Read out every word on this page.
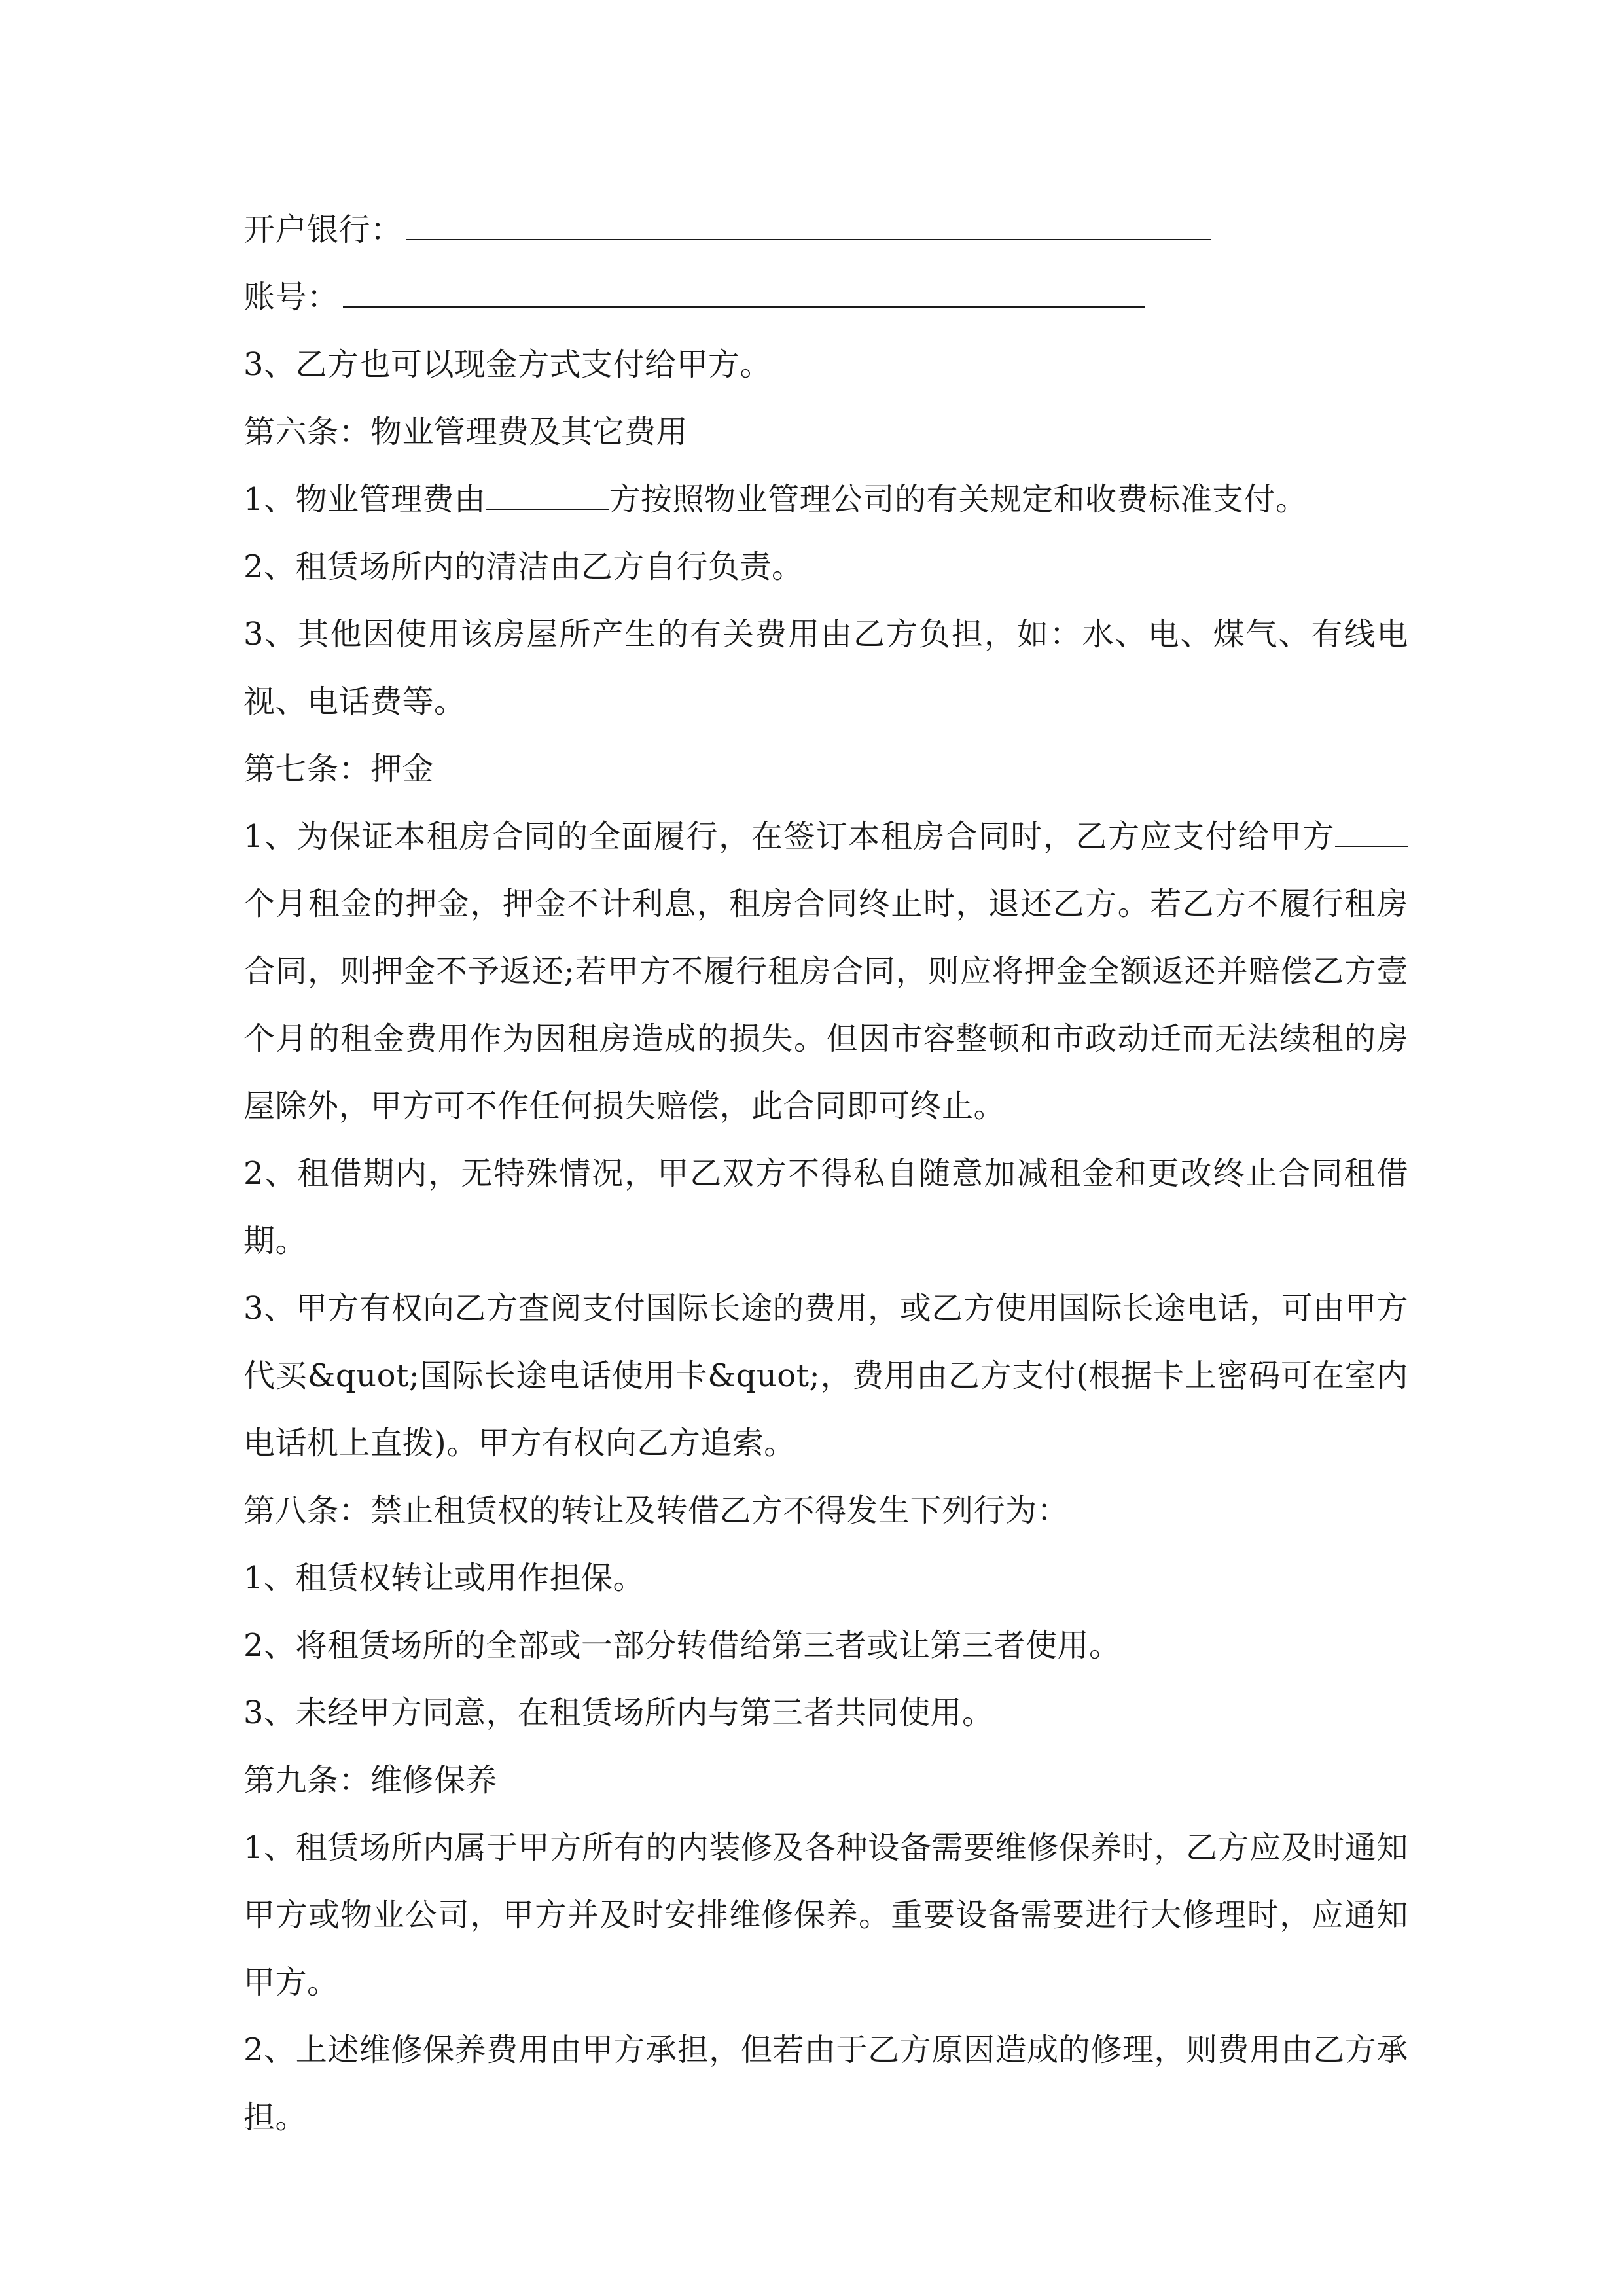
开户银行：
账号：
3、乙方也可以现金方式支付给甲方。
第六条：物业管理费及其它费用
1、物业管理费由	方按照物业管理公司的有关规定和收费标准支付。
2、租赁场所内的清洁由乙方自行负责。
3、其他因使用该房屋所产生的有关费用由乙方负担，如：水、电、煤气、有线电视、电话费等。
第七条：押金
1、为保证本租房合同的全面履行，在签订本租房合同时，乙方应支付给甲方个月租金的押金，押金不计利息，租房合同终止时，退还乙方。若乙方不履行租房合同，则押金不予返还;若甲方不履行租房合同，则应将押金全额返还并赔偿乙方壹个月的租金费用作为因租房造成的损失。但因市容整顿和市政动迁而无法续租的房屋除外，甲方可不作任何损失赔偿，此合同即可终止。
2、租借期内，无特殊情况，甲乙双方不得私自随意加减租金和更改终止合同租借期。
3、甲方有权向乙方查阅支付国际长途的费用，或乙方使用国际长途电话，可由甲方代买&quot;国际长途电话使用卡&quot;，费用由乙方支付(根据卡上密码可在室内电话机上直拨)。甲方有权向乙方追索。
第八条：禁止租赁权的转让及转借乙方不得发生下列行为：
1、租赁权转让或用作担保。
2、将租赁场所的全部或一部分转借给第三者或让第三者使用。
3、未经甲方同意，在租赁场所内与第三者共同使用。
第九条：维修保养
1、租赁场所内属于甲方所有的内装修及各种设备需要维修保养时，乙方应及时通知甲方或物业公司，甲方并及时安排维修保养。重要设备需要进行大修理时，应通知甲方。
2、上述维修保养费用由甲方承担，但若由于乙方原因造成的修理，则费用由乙方承担。
